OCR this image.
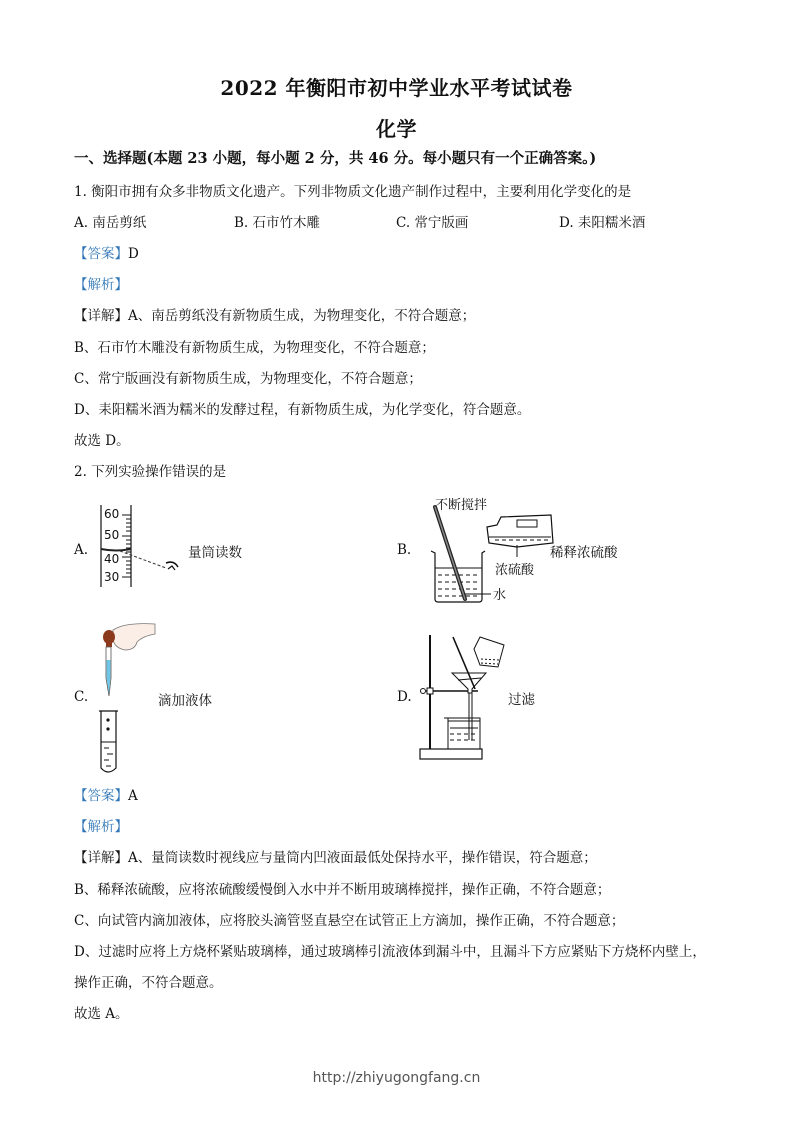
2022 年衡阳市初中学业水平考试试卷
化学
一、选择题(本题 23 小题，每小题 2 分，共 46 分。每小题只有一个正确答案。)
1. 衡阳市拥有众多非物质文化遗产。下列非物质文化遗产制作过程中，主要利用化学变化的是
A. 南岳剪纸	B. 石市竹木雕	C. 常宁版画	D. 耒阳糯米酒
【答案】D
【解析】
【详解】A、南岳剪纸没有新物质生成，为物理变化，不符合题意；
B、石市竹木雕没有新物质生成，为物理变化，不符合题意；
C、常宁版画没有新物质生成，为物理变化，不符合题意；
D、耒阳糯米酒为糯米的发酵过程，有新物质生成，为化学变化，符合题意。
故选 D。
2. 下列实验操作错误的是
A.
60
50
40
30
量筒读数	B.
不断搅拌
浓硫酸
水
稀释浓硫酸
C.	滴加液体	D.	过滤
【答案】A
【解析】
【详解】A、量筒读数时视线应与量筒内凹液面最低处保持水平，操作错误，符合题意；
B、稀释浓硫酸，应将浓硫酸缓慢倒入水中并不断用玻璃棒搅拌，操作正确，不符合题意；
C、向试管内滴加液体，应将胶头滴管竖直悬空在试管正上方滴加，操作正确，不符合题意；
D、过滤时应将上方烧杯紧贴玻璃棒，通过玻璃棒引流液体到漏斗中，且漏斗下方应紧贴下方烧杯内壁上，
操作正确，不符合题意。
故选 A。
http://zhiyugongfang.cn
